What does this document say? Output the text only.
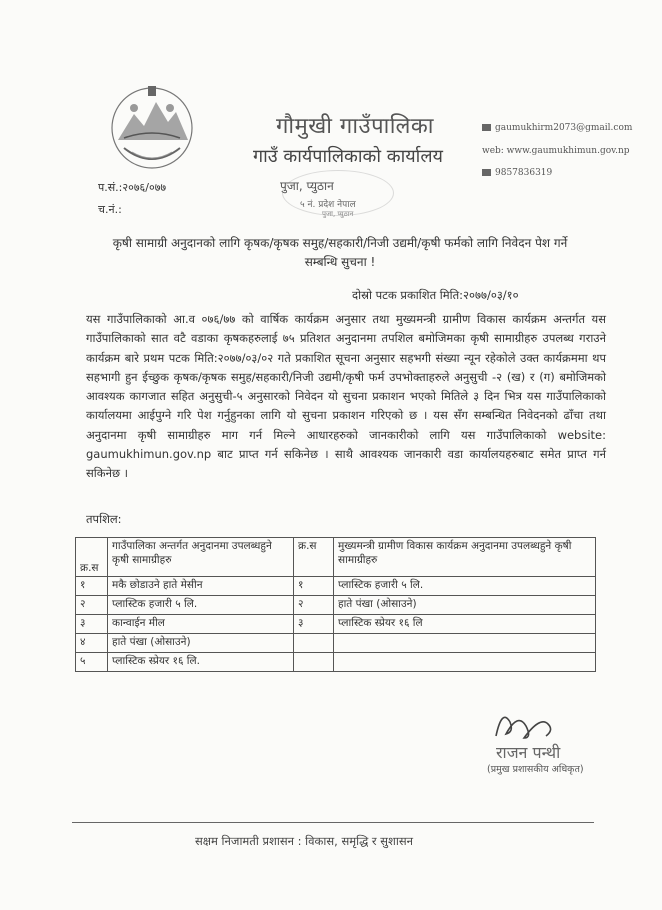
गौमुखी गाउँपालिका
गाउँ कार्यपालिकाको कार्यालय
पुजा, प्युठान
५ नं. प्रदेश नेपाल
पुजा, प्युठान
gaumukhirm2073@gmail.com
web: www.gaumukhimun.gov.np
9857836319
प.सं.:२०७६/०७७
च.नं.:
कृषी सामाग्री अनुदानको लागि कृषक/कृषक समुह/सहकारी/निजी उद्यमी/कृषी फर्मको लागि निवेदन पेश गर्ने
सम्बन्धि सुचना !
दोस्रो पटक प्रकाशित मिति:२०७७/०३/१०
यस गाउँपालिकाको आ.व ०७६/७७ को वार्षिक कार्यक्रम अनुसार तथा मुख्यमन्त्री ग्रामीण विकास कार्यक्रम अन्तर्गत यस गाउँपालिकाको सात वटै वडाका कृषकहरुलाई ७५ प्रतिशत अनुदानमा तपशिल बमोजिमका कृषी सामाग्रीहरु उपलब्ध गराउने कार्यक्रम बारे प्रथम पटक मिति:२०७७/०३/०२ गते प्रकाशित सूचना अनुसार सहभगी संख्या न्यून रहेकोले उक्त कार्यक्रममा थप सहभागी हुन ईच्छुक कृषक/कृषक समुह/सहकारी/निजी उद्यमी/कृषी फर्म उपभोक्ताहरुले अनुसुची -२ (ख) र (ग) बमोजिमको आवश्यक कागजात सहित अनुसुची-५ अनुसारको निवेदन यो सुचना प्रकाशन भएको मितिले ३ दिन भित्र यस गाउँपालिकाको कार्यालयमा आईपुग्ने गरि पेश गर्नुहुनका लागि यो सुचना प्रकाशन गरिएको छ । यस सँग सम्बन्धित निवेदनको ढाँचा तथा अनुदानमा कृषी सामाग्रीहरु माग गर्न मिल्ने आधारहरुको जानकारीको लागि यस गाउँपालिकाको website: gaumukhimun.gov.np बाट प्राप्त गर्न सकिनेछ । साथै आवश्यक जानकारी वडा कार्यालयहरुबाट समेत प्राप्त गर्न सकिनेछ ।
तपशिल:
क्र.स	गाउँपालिका अन्तर्गत अनुदानमा उपलब्धहुने कृषी सामाग्रीहरु	क्र.स	मुख्यमन्त्री ग्रामीण विकास कार्यक्रम अनुदानमा उपलब्धहुने कृषी सामाग्रीहरु
१	मकै छोडाउने हाते मेसीन	१	प्लास्टिक हजारी ५ लि.
२	प्लास्टिक हजारी ५ लि.	२	हाते पंखा (ओसाउने)
३	कान्वाईन मील	३	प्लास्टिक स्प्रेयर १६ लि
४	हाते पंखा (ओसाउने)		
५	प्लास्टिक स्प्रेयर १६ लि.		
राजन पन्थी
(प्रमुख प्रशासकीय अधिकृत)
सक्षम निजामती प्रशासन : विकास, समृद्धि र सुशासन
